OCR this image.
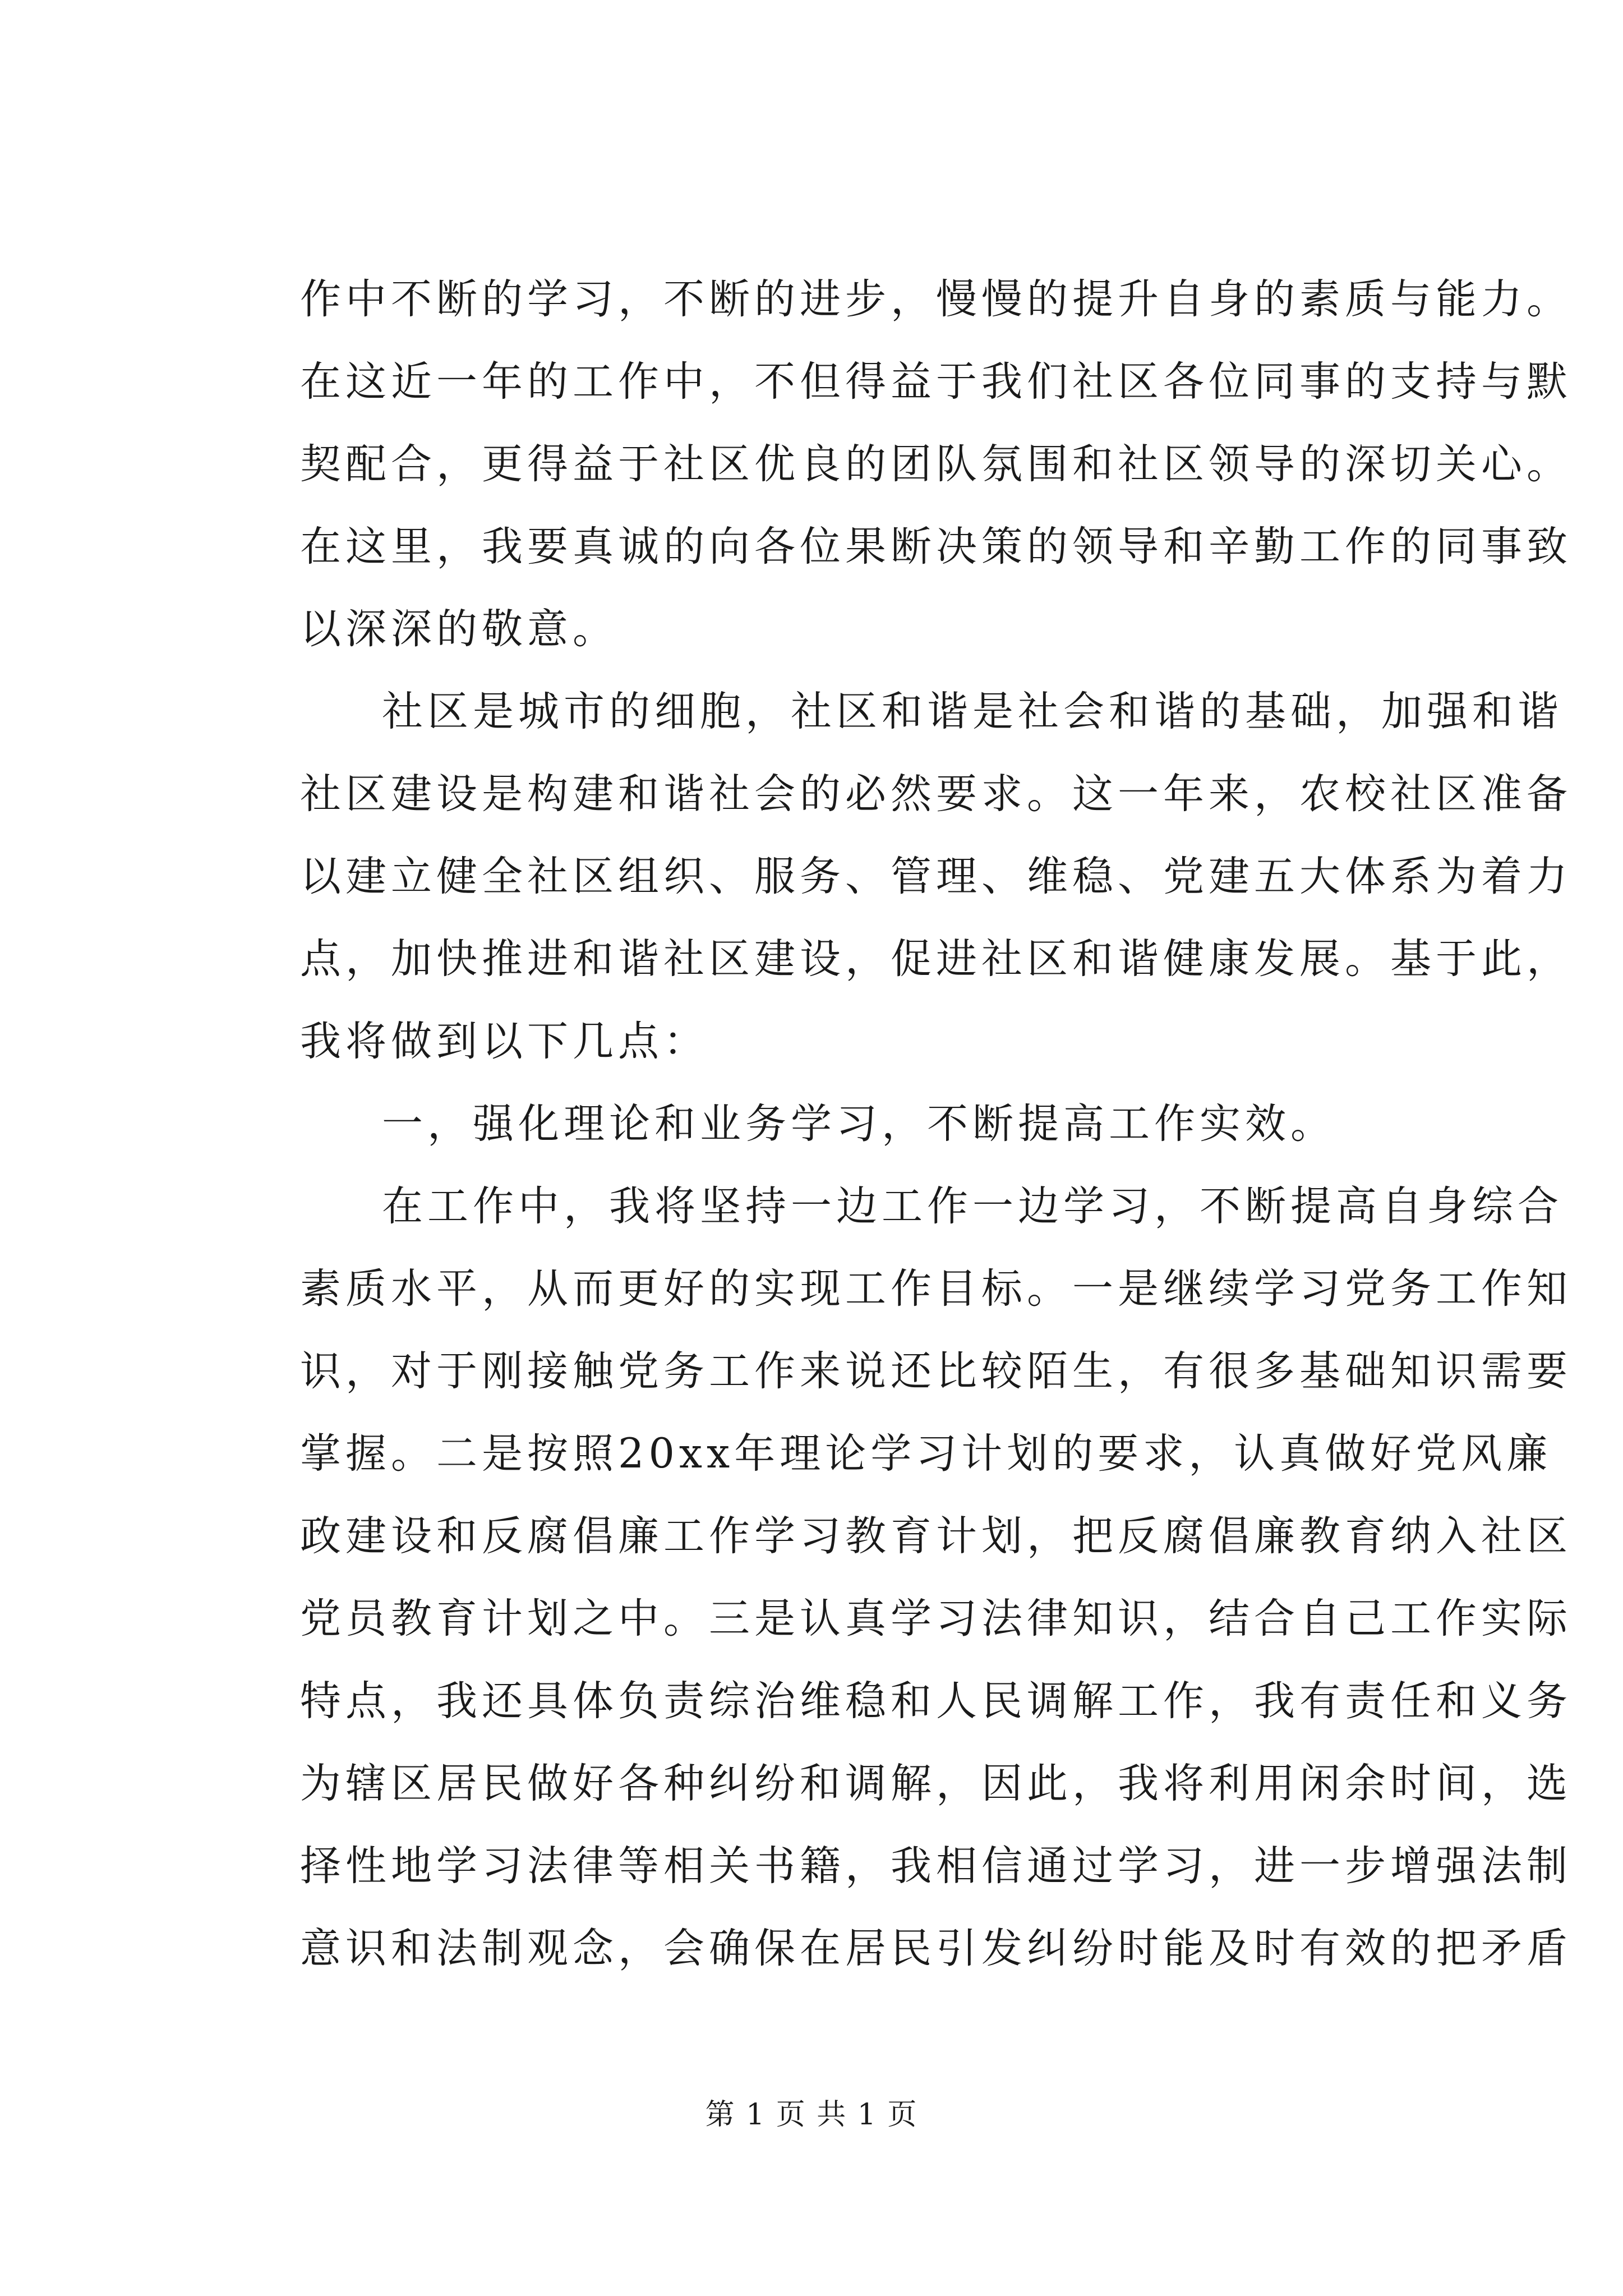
作中不断的学习，不断的进步，慢慢的提升自身的素质与能力。
在这近一年的工作中，不但得益于我们社区各位同事的支持与默
契配合，更得益于社区优良的团队氛围和社区领导的深切关心。
在这里，我要真诚的向各位果断决策的领导和辛勤工作的同事致
以深深的敬意。
社区是城市的细胞，社区和谐是社会和谐的基础，加强和谐
社区建设是构建和谐社会的必然要求。这一年来，农校社区准备
以建立健全社区组织、服务、管理、维稳、党建五大体系为着力
点，加快推进和谐社区建设，促进社区和谐健康发展。基于此，
我将做到以下几点：
一，强化理论和业务学习，不断提高工作实效。
在工作中，我将坚持一边工作一边学习，不断提高自身综合
素质水平，从而更好的实现工作目标。一是继续学习党务工作知
识，对于刚接触党务工作来说还比较陌生，有很多基础知识需要
掌握。二是按照20xx年理论学习计划的要求，认真做好党风廉
政建设和反腐倡廉工作学习教育计划，把反腐倡廉教育纳入社区
党员教育计划之中。三是认真学习法律知识，结合自己工作实际
特点，我还具体负责综治维稳和人民调解工作，我有责任和义务
为辖区居民做好各种纠纷和调解，因此，我将利用闲余时间，选
择性地学习法律等相关书籍，我相信通过学习，进一步增强法制
意识和法制观念，会确保在居民引发纠纷时能及时有效的把矛盾
第 1 页 共 1 页
